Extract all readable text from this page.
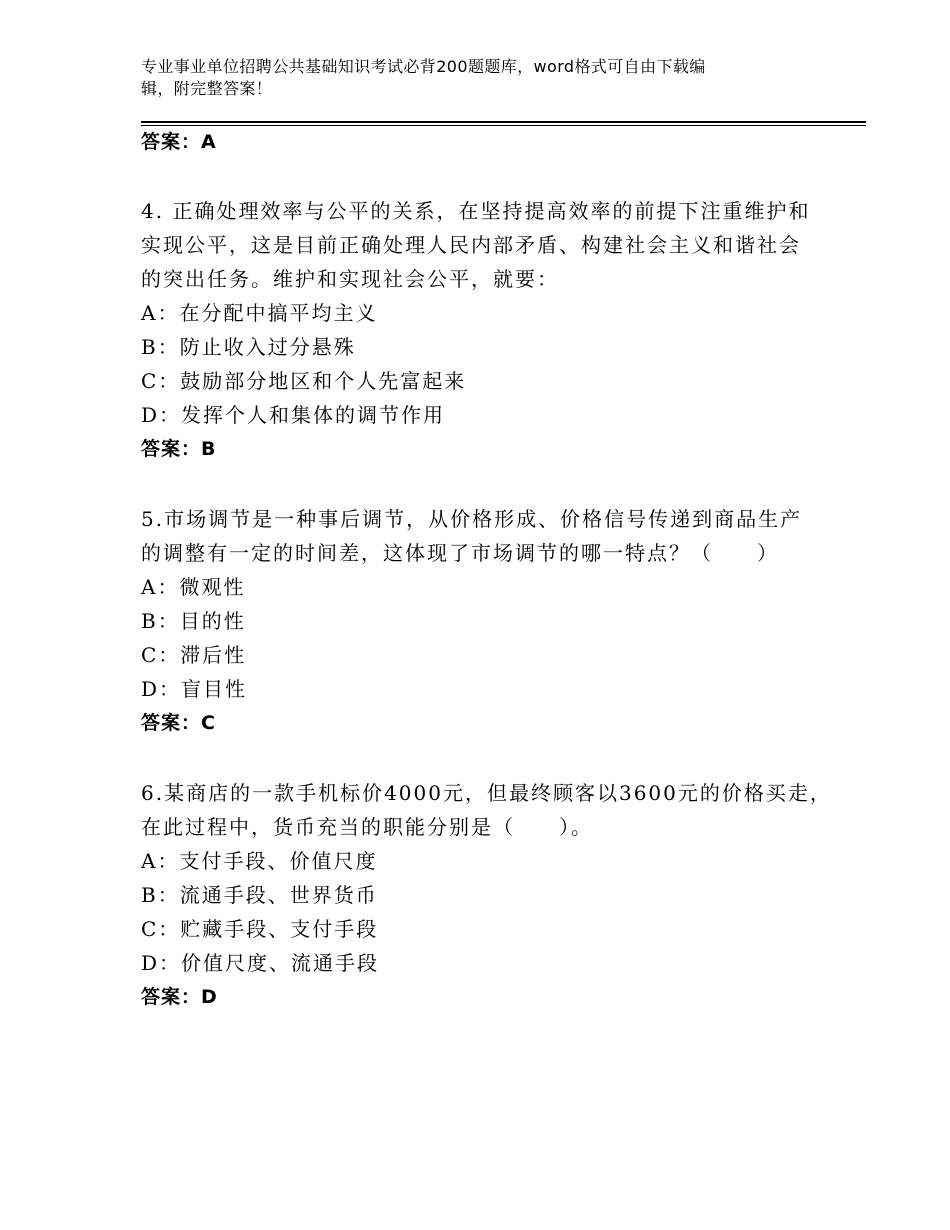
专业事业单位招聘公共基础知识考试必背200题题库，word格式可自由下载编
辑，附完整答案！
答案：A
4. 正确处理效率与公平的关系，在坚持提高效率的前提下注重维护和
实现公平，这是目前正确处理人民内部矛盾、构建社会主义和谐社会
的突出任务。维护和实现社会公平，就要：
A：在分配中搞平均主义
B：防止收入过分悬殊
C：鼓励部分地区和个人先富起来
D：发挥个人和集体的调节作用
答案：B
5.市场调节是一种事后调节，从价格形成、价格信号传递到商品生产
的调整有一定的时间差，这体现了市场调节的哪一特点？（　　）
A：微观性
B：目的性
C：滞后性
D：盲目性
答案：C
6.某商店的一款手机标价4000元，但最终顾客以3600元的价格买走，
在此过程中，货币充当的职能分别是（　　）。
A：支付手段、价值尺度
B：流通手段、世界货币
C：贮藏手段、支付手段
D：价值尺度、流通手段
答案：D
